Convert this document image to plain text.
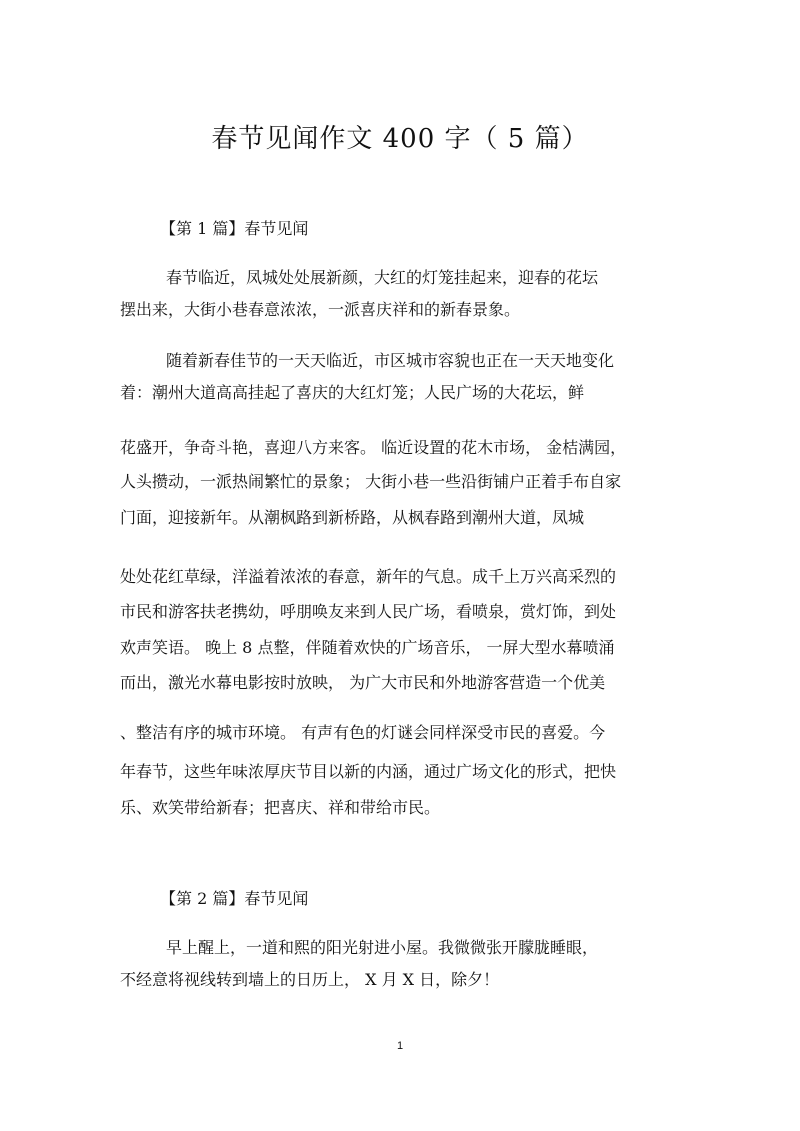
春节见闻作文 400 字（ 5 篇）
【第 1 篇】春节见闻
春节临近，凤城处处展新颜，大红的灯笼挂起来，迎春的花坛
摆出来，大街小巷春意浓浓，一派喜庆祥和的新春景象。
随着新春佳节的一天天临近，市区城市容貌也正在一天天地变化
着：潮州大道高高挂起了喜庆的大红灯笼；人民广场的大花坛，鲜
花盛开，争奇斗艳，喜迎八方来客。 临近设置的花木市场， 金桔满园，
人头攒动，一派热闹繁忙的景象； 大街小巷一些沿街铺户正着手布自家
门面，迎接新年。从潮枫路到新桥路，从枫春路到潮州大道，凤城
处处花红草绿，洋溢着浓浓的春意，新年的气息。成千上万兴高采烈的
市民和游客扶老携幼，呼朋唤友来到人民广场，看喷泉，赏灯饰，到处
欢声笑语。 晚上 8 点整，伴随着欢快的广场音乐， 一屏大型水幕喷涌
而出，激光水幕电影按时放映， 为广大市民和外地游客营造一个优美
、整洁有序的城市环境。 有声有色的灯谜会同样深受市民的喜爱。今
年春节，这些年味浓厚庆节目以新的内涵，通过广场文化的形式，把快
乐、欢笑带给新春；把喜庆、祥和带给市民。
【第 2 篇】春节见闻
早上醒上，一道和熙的阳光射进小屋。我微微张开朦胧睡眼，
不经意将视线转到墙上的日历上， X 月 X 日，除夕！
1
